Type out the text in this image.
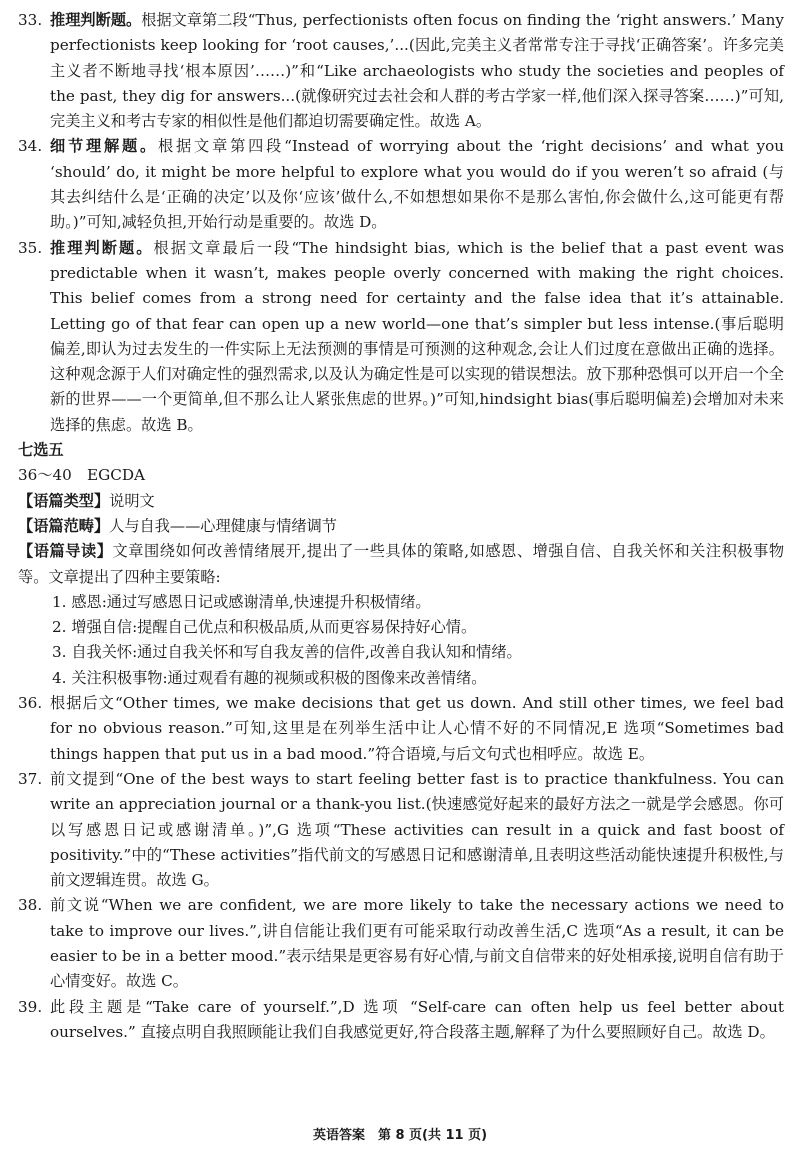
33. 推理判断题。根据文章第二段“Thus, perfectionists often focus on finding the ‘right answers.’ Many perfectionists keep looking for ‘root causes,’...(因此,完美主义者常常专注于寻找‘正确答案’。许多完美主义者不断地寻找‘根本原因’……)”和“Like archaeologists who study the societies and peoples of the past, they dig for answers...(就像研究过去社会和人群的考古学家一样,他们深入探寻答案……)”可知,完美主义和考古专家的相似性是他们都迫切需要确定性。故选 A。

34. 细节理解题。根据文章第四段“Instead of worrying about the ‘right decisions’ and what you ‘should’ do, it might be more helpful to explore what you would do if you weren’t so afraid (与其去纠结什么是‘正确的决定’以及你‘应该’做什么,不如想想如果你不是那么害怕,你会做什么,这可能更有帮助。)”可知,减轻负担,开始行动是重要的。故选 D。

35. 推理判断题。根据文章最后一段“The hindsight bias, which is the belief that a past event was predictable when it wasn’t, makes people overly concerned with making the right choices. This belief comes from a strong need for certainty and the false idea that it’s attainable. Letting go of that fear can open up a new world—one that’s simpler but less intense.(事后聪明偏差,即认为过去发生的一件实际上无法预测的事情是可预测的这种观念,会让人们过度在意做出正确的选择。这种观念源于人们对确定性的强烈需求,以及认为确定性是可以实现的错误想法。放下那种恐惧可以开启一个全新的世界——一个更简单,但不那么让人紧张焦虑的世界。)”可知,hindsight bias(事后聪明偏差)会增加对未来选择的焦虑。故选 B。

七选五
36～40　EGCDA

【语篇类型】说明文

【语篇范畴】人与自我——心理健康与情绪调节

【语篇导读】文章围绕如何改善情绪展开,提出了一些具体的策略,如感恩、增强自信、自我关怀和关注积极事物等。文章提出了四种主要策略:

1. 感恩:通过写感恩日记或感谢清单,快速提升积极情绪。
2. 增强自信:提醒自己优点和积极品质,从而更容易保持好心情。
3. 自我关怀:通过自我关怀和写自我友善的信件,改善自我认知和情绪。
4. 关注积极事物:通过观看有趣的视频或积极的图像来改善情绪。

36. 根据后文“Other times, we make decisions that get us down. And still other times, we feel bad for no obvious reason.”可知,这里是在列举生活中让人心情不好的不同情况,E 选项“Sometimes bad things happen that put us in a bad mood.”符合语境,与后文句式也相呼应。故选 E。

37. 前文提到“One of the best ways to start feeling better fast is to practice thankfulness. You can write an appreciation journal or a thank-you list.(快速感觉好起来的最好方法之一就是学会感恩。你可以写感恩日记或感谢清单。)”,G 选项“These activities can result in a quick and fast boost of positivity.”中的“These activities”指代前文的写感恩日记和感谢清单,且表明这些活动能快速提升积极性,与前文逻辑连贯。故选 G。

38. 前文说“When we are confident, we are more likely to take the necessary actions we need to take to improve our lives.”,讲自信能让我们更有可能采取行动改善生活,C 选项“As a result, it can be easier to be in a better mood.”表示结果是更容易有好心情,与前文自信带来的好处相承接,说明自信有助于心情变好。故选 C。

39. 此段主题是“Take care of yourself.”,D 选项 “Self-care can often help us feel better about ourselves.” 直接点明自我照顾能让我们自我感觉更好,符合段落主题,解释了为什么要照顾好自己。故选 D。

英语答案　第 8 页(共 11 页)
